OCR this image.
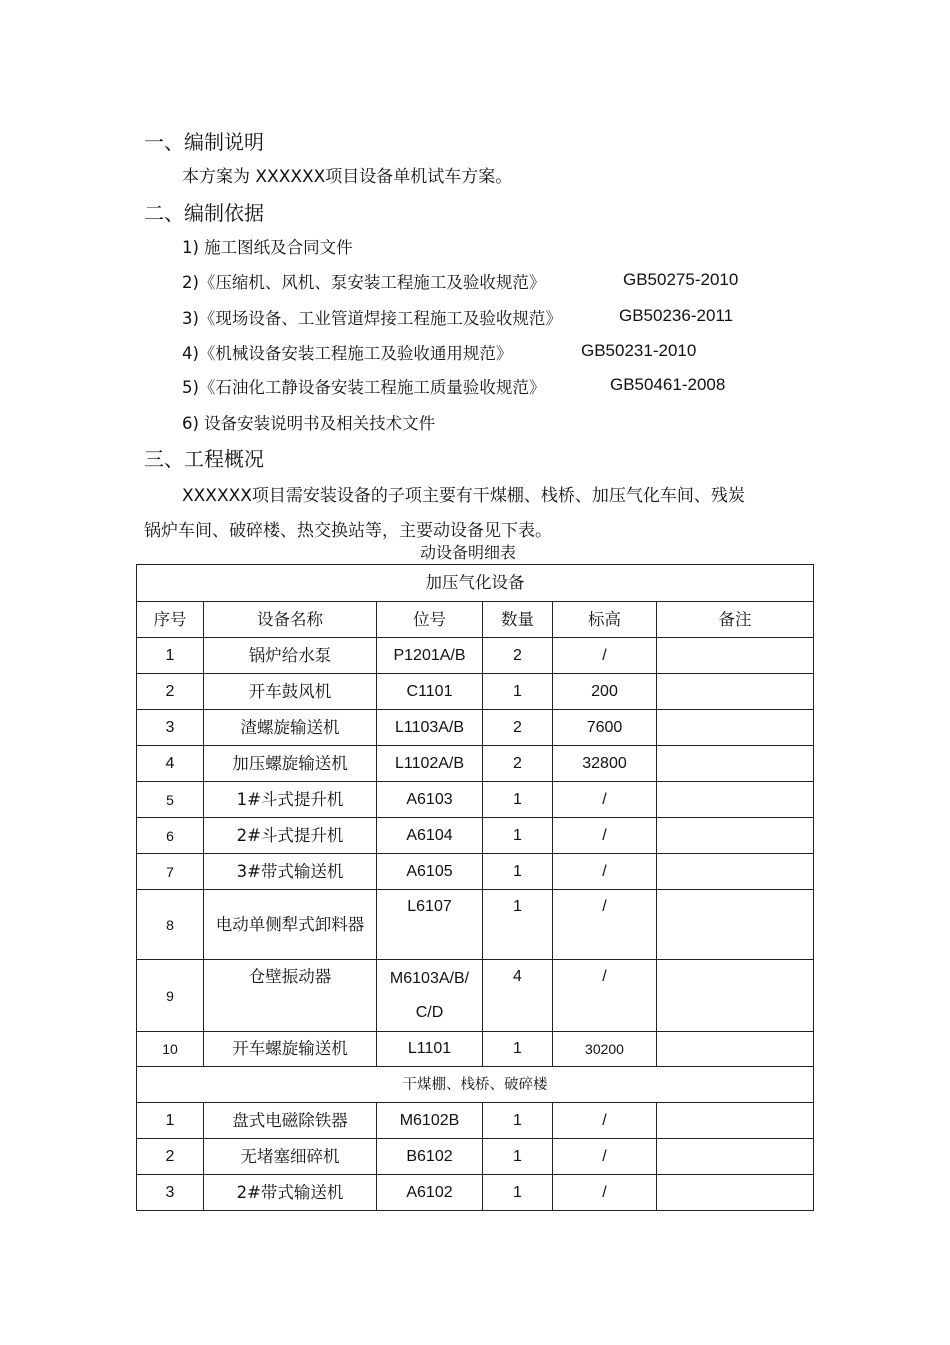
一、编制说明
本方案为 XXXXXX项目设备单机试车方案。
二、编制依据
1) 施工图纸及合同文件
2)《压缩机、风机、泵安装工程施工及验收规范》	GB50275-2010
3)《现场设备、工业管道焊接工程施工及验收规范》	GB50236-2011
4)《机械设备安装工程施工及验收通用规范》	GB50231-2010
5)《石油化工静设备安装工程施工质量验收规范》	GB50461-2008
6) 设备安装说明书及相关技术文件
三、工程概况
XXXXXX项目需安装设备的子项主要有干煤棚、栈桥、加压气化车间、残炭
锅炉车间、破碎楼、热交换站等，主要动设备见下表。
动设备明细表
加压气化设备					
序号	设备名称	位号	数量	标高	备注
1	锅炉给水泵	P1201A/B	2	/	
2	开车鼓风机	C1101	1	200	
3	渣螺旋输送机	L1103A/B	2	7600	
4	加压螺旋输送机	L1102A/B	2	32800	
5	1#斗式提升机	A6103	1	/	
6	2#斗式提升机	A6104	1	/	
7	3#带式输送机	A6105	1	/	
8	电动单侧犁式卸料器	L6107	1	/	
9	仓壁振动器	M6103A/B/C/D	4	/	
10	开车螺旋输送机	L1101	1	30200	
干煤棚、栈桥、破碎楼					
1	盘式电磁除铁器	M6102B	1	/	
2	无堵塞细碎机	B6102	1	/	
3	2#带式输送机	A6102	1	/	
